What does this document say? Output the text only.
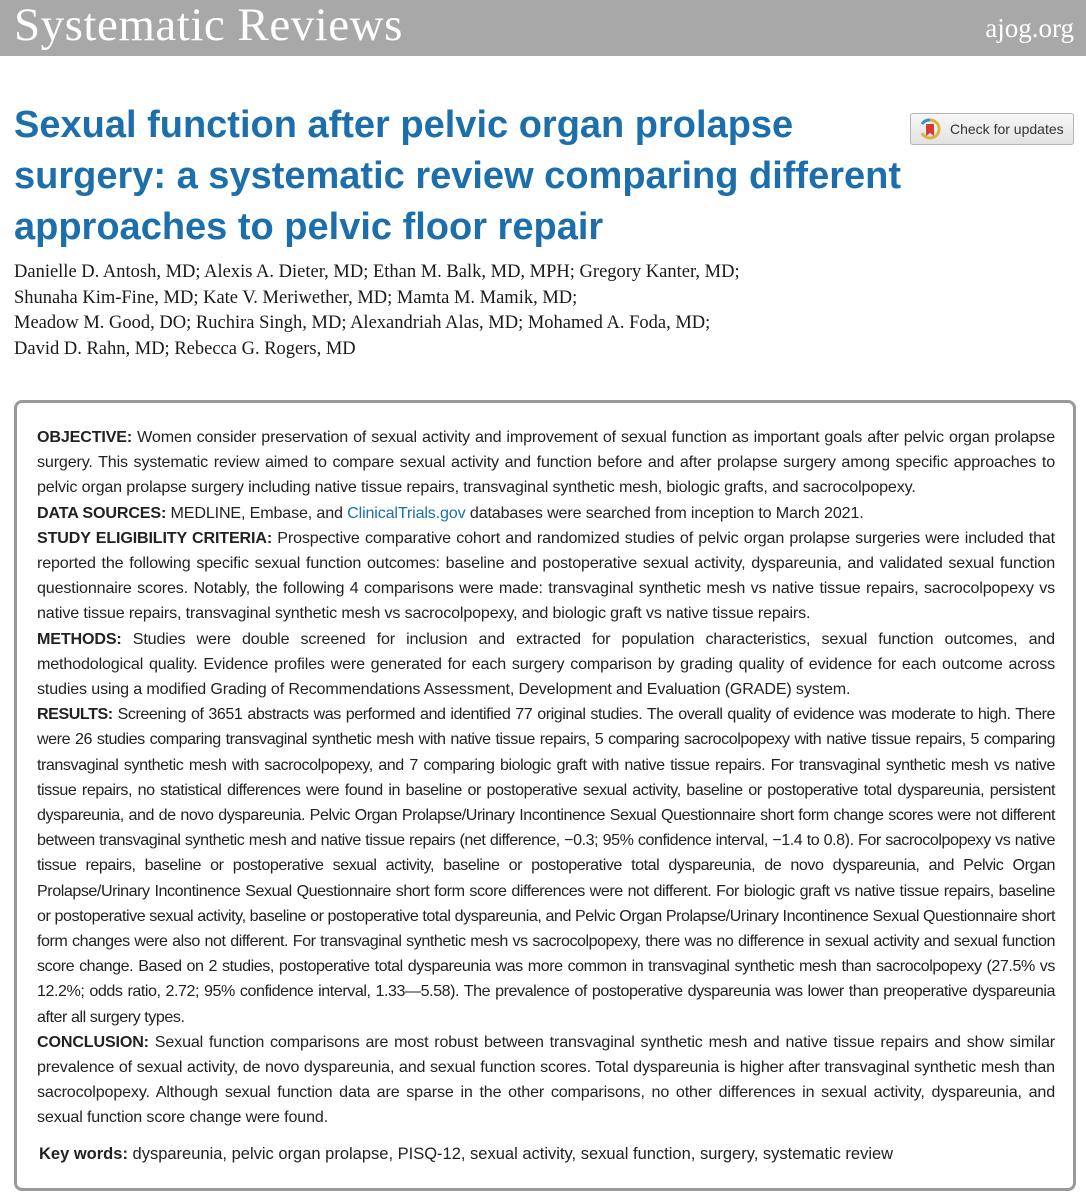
Systematic Reviews	ajog.org
Sexual function after pelvic organ prolapse surgery: a systematic review comparing different approaches to pelvic floor repair
Check for updates
Danielle D. Antosh, MD; Alexis A. Dieter, MD; Ethan M. Balk, MD, MPH; Gregory Kanter, MD;
Shunaha Kim-Fine, MD; Kate V. Meriwether, MD; Mamta M. Mamik, MD;
Meadow M. Good, DO; Ruchira Singh, MD; Alexandriah Alas, MD; Mohamed A. Foda, MD;
David D. Rahn, MD; Rebecca G. Rogers, MD

OBJECTIVE: Women consider preservation of sexual activity and improvement of sexual function as important goals after pelvic organ prolapse surgery. This systematic review aimed to compare sexual activity and function before and after prolapse surgery among specific approaches to pelvic organ prolapse surgery including native tissue repairs, transvaginal synthetic mesh, biologic grafts, and sacrocolpopexy.

DATA SOURCES: MEDLINE, Embase, and ClinicalTrials.gov databases were searched from inception to March 2021.

STUDY ELIGIBILITY CRITERIA: Prospective comparative cohort and randomized studies of pelvic organ prolapse surgeries were included that reported the following specific sexual function outcomes: baseline and postoperative sexual activity, dyspareunia, and validated sexual function questionnaire scores. Notably, the following 4 comparisons were made: transvaginal synthetic mesh vs native tissue repairs, sacrocolpopexy vs native tissue repairs, transvaginal synthetic mesh vs sacrocolpopexy, and biologic graft vs native tissue repairs.

METHODS: Studies were double screened for inclusion and extracted for population characteristics, sexual function outcomes, and methodological quality. Evidence profiles were generated for each surgery comparison by grading quality of evidence for each outcome across studies using a modified Grading of Recommendations Assessment, Development and Evaluation (GRADE) system.

RESULTS: Screening of 3651 abstracts was performed and identified 77 original studies. The overall quality of evidence was moderate to high. There were 26 studies comparing transvaginal synthetic mesh with native tissue repairs, 5 comparing sacrocolpopexy with native tissue repairs, 5 comparing transvaginal synthetic mesh with sacrocolpopexy, and 7 comparing biologic graft with native tissue repairs. For transvaginal synthetic mesh vs native tissue repairs, no statistical differences were found in baseline or postoperative sexual activity, baseline or postoperative total dyspareunia, persistent dyspareunia, and de novo dyspareunia. Pelvic Organ Prolapse/Urinary Incontinence Sexual Questionnaire short form change scores were not different between transvaginal synthetic mesh and native tissue repairs (net difference, −0.3; 95% confidence interval, −1.4 to 0.8). For sacrocolpopexy vs native tissue repairs, baseline or postoperative sexual activity, baseline or postoperative total dyspareunia, de novo dyspareunia, and Pelvic Organ Prolapse/Urinary Incontinence Sexual Questionnaire short form score differences were not different. For biologic graft vs native tissue repairs, baseline or postoperative sexual activity, baseline or postoperative total dyspareunia, and Pelvic Organ Prolapse/Urinary Incontinence Sexual Questionnaire short form changes were also not different. For transvaginal synthetic mesh vs sacrocolpopexy, there was no difference in sexual activity and sexual function score change. Based on 2 studies, postoperative total dyspareunia was more common in transvaginal synthetic mesh than sacrocolpopexy (27.5% vs 12.2%; odds ratio, 2.72; 95% confidence interval, 1.33—5.58). The prevalence of postoperative dyspareunia was lower than preoperative dyspareunia after all surgery types.

CONCLUSION: Sexual function comparisons are most robust between transvaginal synthetic mesh and native tissue repairs and show similar prevalence of sexual activity, de novo dyspareunia, and sexual function scores. Total dyspareunia is higher after transvaginal synthetic mesh than sacrocolpopexy. Although sexual function data are sparse in the other comparisons, no other differences in sexual activity, dyspareunia, and sexual function score change were found.

Key words: dyspareunia, pelvic organ prolapse, PISQ-12, sexual activity, sexual function, surgery, systematic review
